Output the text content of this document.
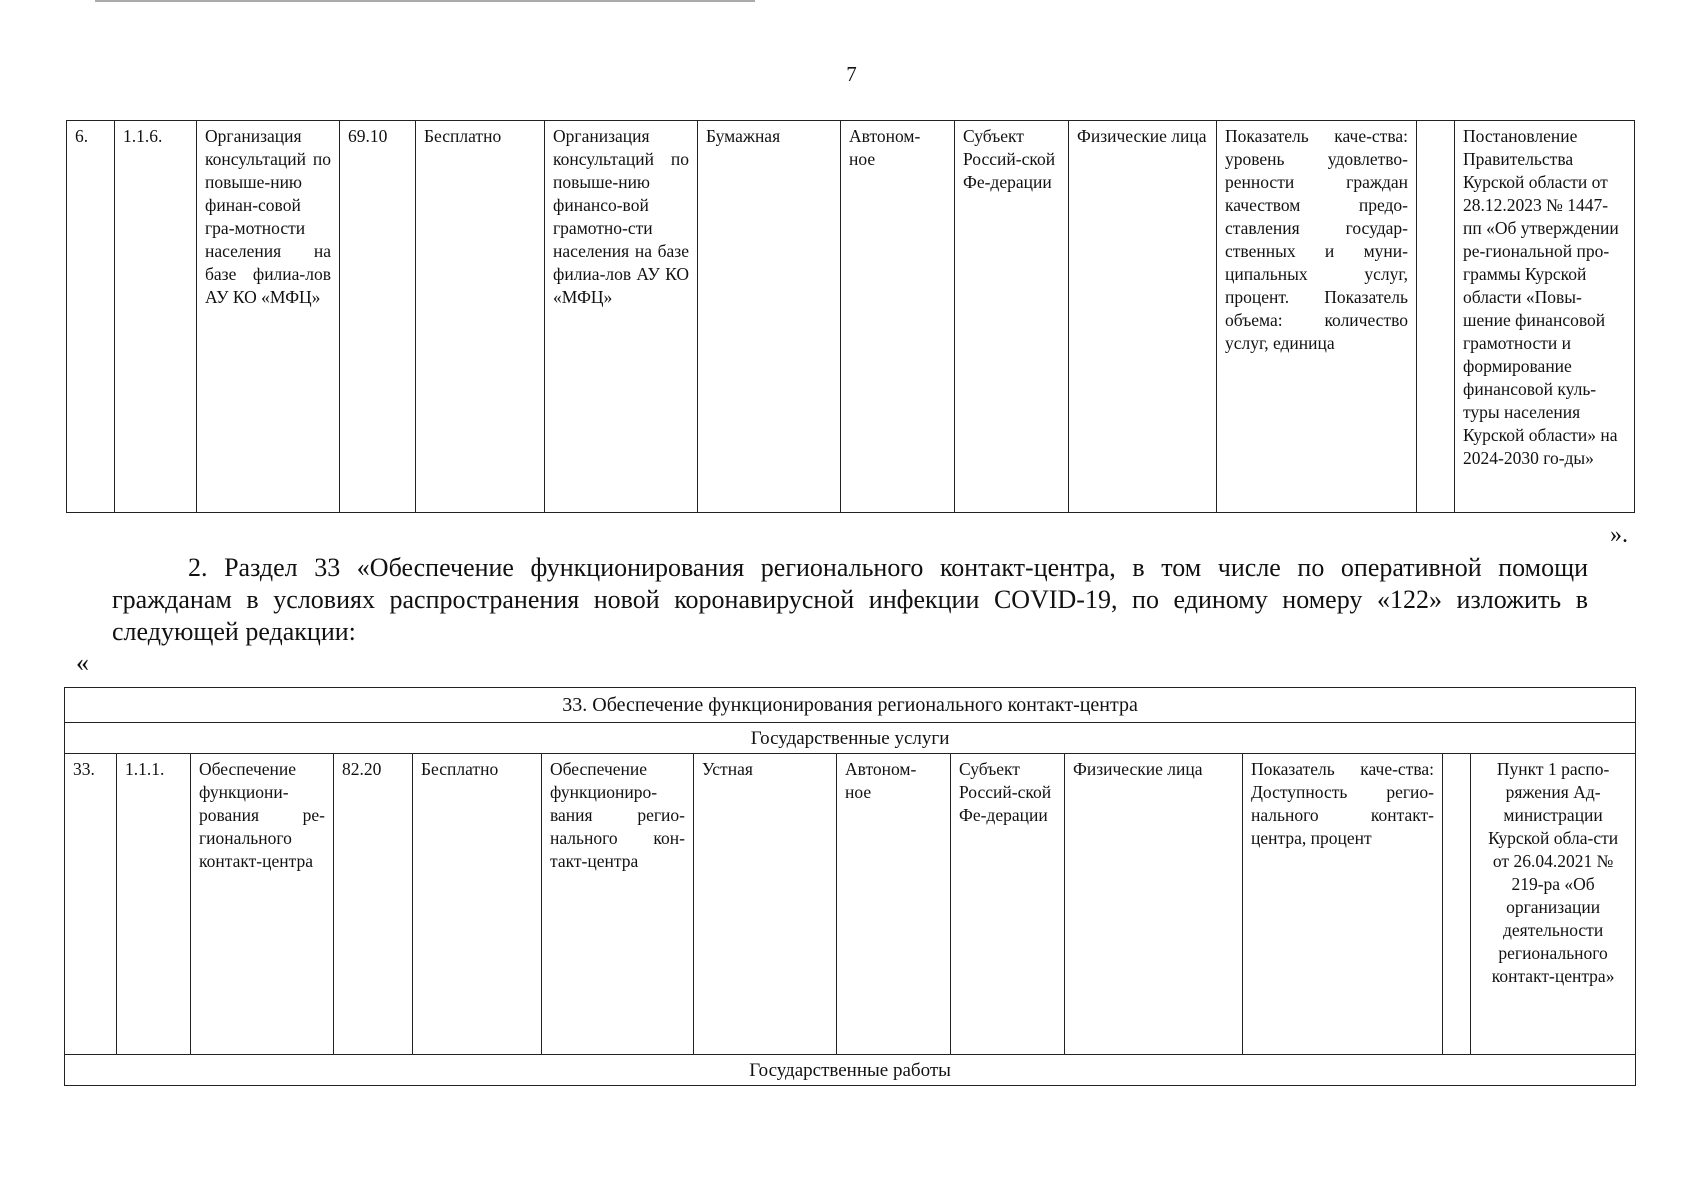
7
6.	1.1.6.	Организация консультаций по повыше-нию финан-совой гра-мотности населения на базе филиа-лов АУ КО «МФЦ»	69.10	Бесплатно	Организация консультаций по повыше-нию финансо-вой грамотно-сти населения на базе филиа-лов АУ КО «МФЦ»	Бумажная	Автоном-ное	Субъект Россий-ской Фе-дерации	Физические лица	Показатель каче-ства: уровень удовлетво-ренности граждан качеством предо-ставления государ-ственных и муни-ципальных услуг, процент. Показатель объема: количество услуг, единица		Постановление Правительства Курской области от 28.12.2023 № 1447-пп «Об утверждении ре-гиональной про-граммы Курской области «Повы-шение финансовой грамотности и формирование финансовой куль-туры населения Курской области» на 2024-2030 го-ды»
».
2. Раздел 33 «Обеспечение функционирования регионального контакт-центра, в том числе по оперативной помощи гражданам в условиях распространения новой коронавирусной инфекции COVID-19, по единому номеру «122» изложить в следующей редакции:
«
33. Обеспечение функционирования регионального контакт-центра
Государственные услуги
33.	1.1.1.	Обеспечение функциони-рования ре-гионального контакт-центра	82.20	Бесплатно	Обеспечение функциониро-вания регио-нального кон-такт-центра	Устная	Автоном-ное	Субъект Россий-ской Фе-дерации	Физические лица	Показатель каче-ства: Доступность регио-нального контакт-центра, процент		Пункт 1 распо-ряжения Ад-министрации Курской обла-сти от 26.04.2021 № 219-ра «Об организации деятельности регионального контакт-центра»
Государственные работы
